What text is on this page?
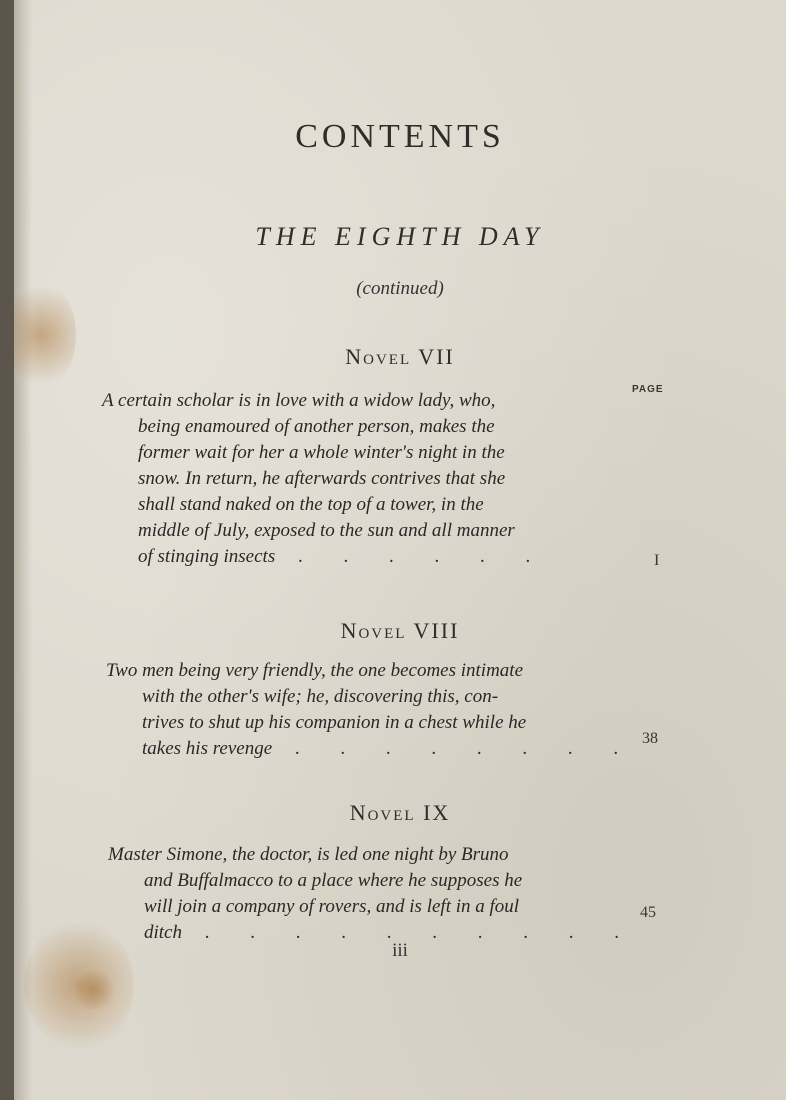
CONTENTS
THE EIGHTH DAY
(continued)
PAGE
Novel VII
A certain scholar is in love with a widow lady, who,
being enamoured of another person, makes the
former wait for her a whole winter's night in the
snow. In return, he afterwards contrives that she
shall stand naked on the top of a tower, in the
middle of July, exposed to the sun and all manner
of stinging insects . . . . . .	I
Novel VIII
Two men being very friendly, the one becomes intimate
with the other's wife; he, discovering this, con-
trives to shut up his companion in a chest while he
takes his revenge . . . . . . . . 38
Novel IX
Master Simone, the doctor, is led one night by Bruno
and Buffalmacco to a place where he supposes he
will join a company of rovers, and is left in a foul
ditch . . . . . . . . . .
45
iii
